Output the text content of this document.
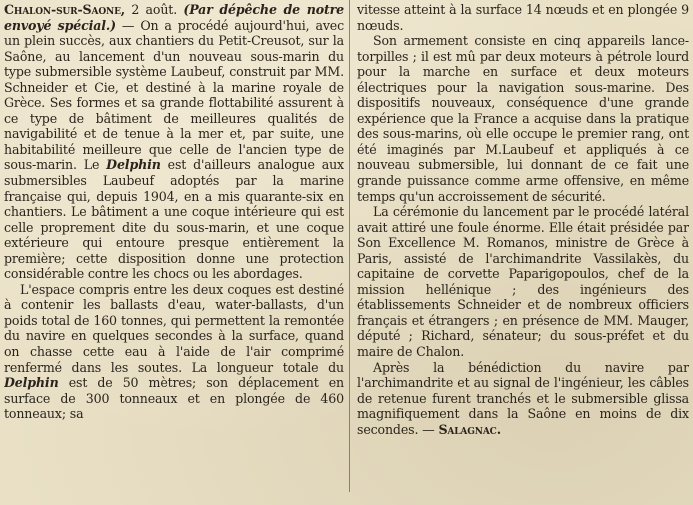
Chalon-sur-Saone, 2 août. (Par dépêche de notre envoyé spécial.) — On a procédé aujourd'hui, avec un plein succès, aux chantiers du Petit-Creusot, sur la Saône, au lancement d'un nouveau sous-marin du type submersible système Laubeuf, construit par MM. Schneider et Cie, et destiné à la marine royale de Grèce. Ses formes et sa grande flottabilité assurent à ce type de bâtiment de meilleures qualités de navigabilité et de tenue à la mer et, par suite, une habitabilité meilleure que celle de l'ancien type de sous-marin. Le Delphin est d'ailleurs analogue aux submersibles Laubeuf adoptés par la marine française qui, depuis 1904, en a mis quarante-six en chantiers. Le bâtiment a une coque intérieure qui est celle proprement dite du sous-marin, et une coque extérieure qui entoure presque entièrement la première; cette disposition donne une protection considérable contre les chocs ou les abordages.

L'espace compris entre les deux coques est destiné à contenir les ballasts d'eau, water-ballasts, d'un poids total de 160 tonnes, qui permettent la remontée du navire en quelques secondes à la surface, quand on chasse cette eau à l'aide de l'air comprimé renfermé dans les soutes. La longueur totale du Delphin est de 50 mètres; son déplacement en surface de 300 tonneaux et en plongée de 460 tonneaux; sa

vitesse atteint à la surface 14 nœuds et en plongée 9 nœuds.

Son armement consiste en cinq appareils lance-torpilles ; il est mû par deux moteurs à pétrole lourd pour la marche en surface et deux moteurs électriques pour la navigation sous-marine. Des dispositifs nouveaux, conséquence d'une grande expérience que la France a acquise dans la pratique des sous-marins, où elle occupe le premier rang, ont été imaginés par M.Laubeuf et appliqués à ce nouveau submersible, lui donnant de ce fait une grande puissance comme arme offensive, en même temps qu'un accroissement de sécurité.

La cérémonie du lancement par le procédé latéral avait attiré une foule énorme. Elle était présidée par Son Excellence M. Romanos, ministre de Grèce à Paris, assisté de l'archimandrite Vassilakès, du capitaine de corvette Paparigopoulos, chef de la mission hellénique ; des ingénieurs des établissements Schneider et de nombreux officiers français et étrangers ; en présence de MM. Mauger, député ; Richard, sénateur; du sous-préfet et du maire de Chalon.

Après la bénédiction du navire par l'archimandrite et au signal de l'ingénieur, les câbles de retenue furent tranchés et le submersible glissa magnifiquement dans la Saône en moins de dix secondes. — Salagnac.
